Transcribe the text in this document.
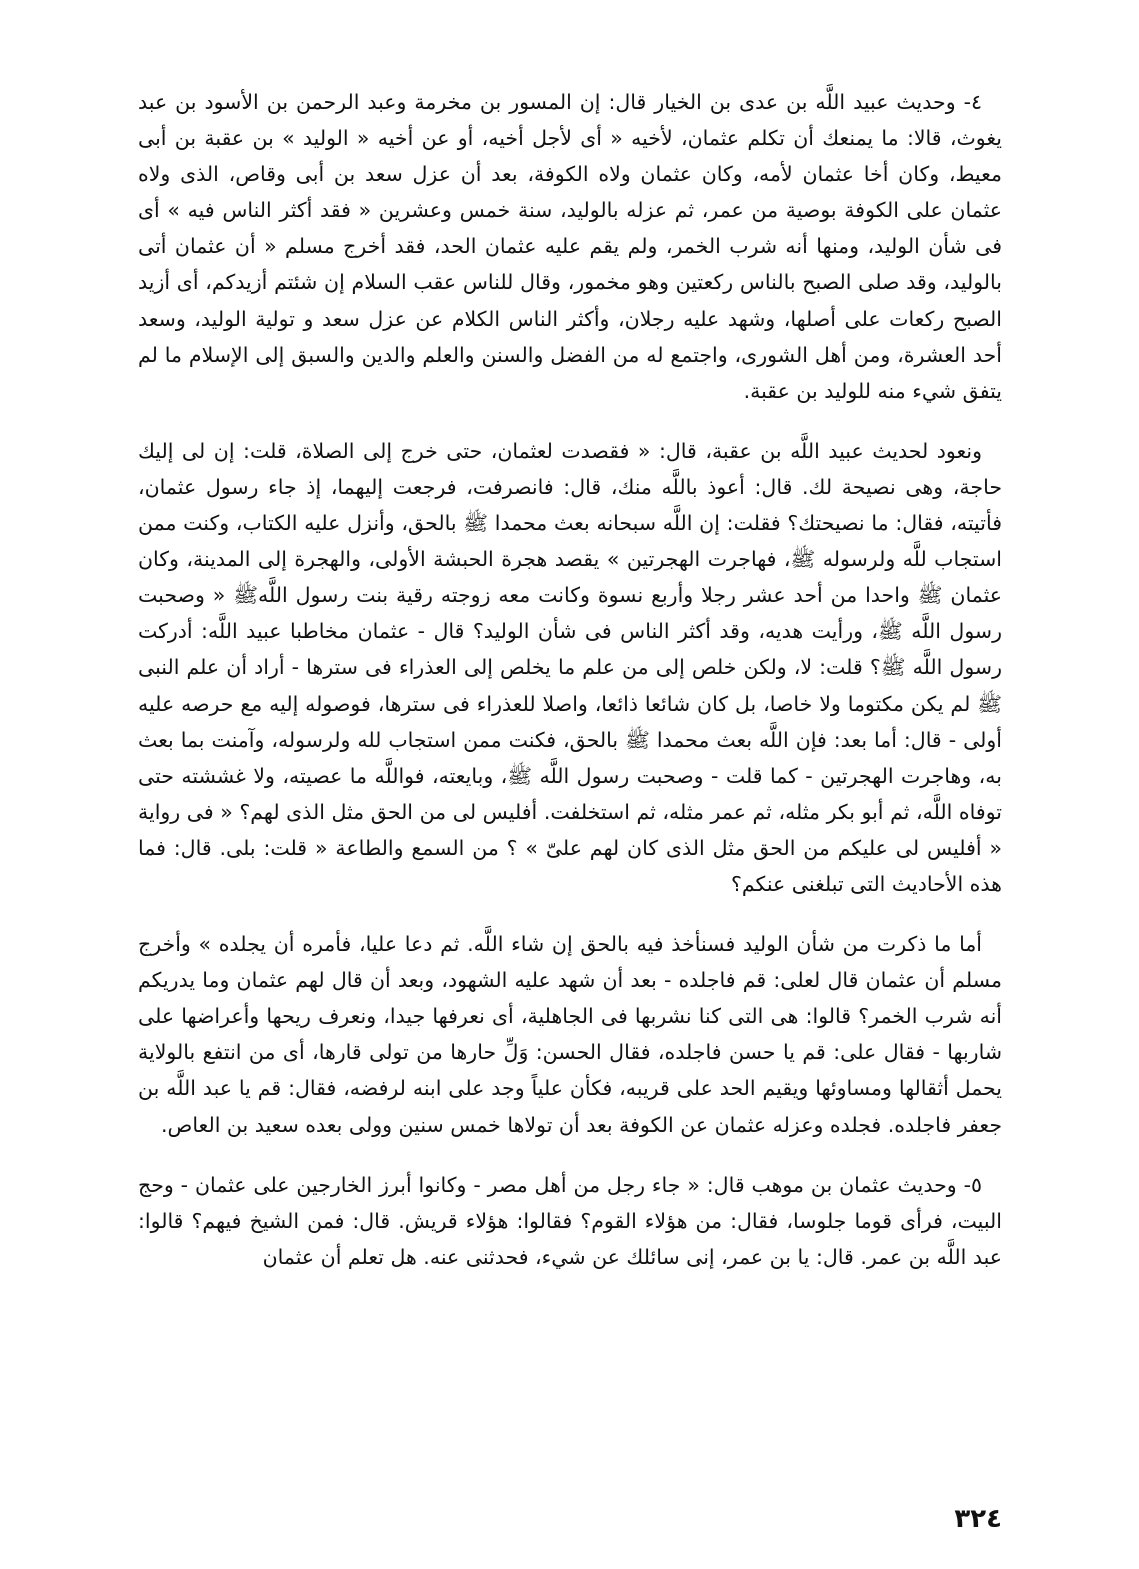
٤- وحديث عبيد اللَّه بن عدى بن الخيار قال: إن المسور بن مخرمة وعبد الرحمن بن الأسود بن عبد يغوث، قالا: ما يمنعك أن تكلم عثمان، لأخيه « أى لأجل أخيه، أو عن أخيه « الوليد » بن عقبة بن أبى معيط، وكان أخا عثمان لأمه، وكان عثمان ولاه الكوفة، بعد أن عزل سعد بن أبى وقاص، الذى ولاه عثمان على الكوفة بوصية من عمر، ثم عزله بالوليد، سنة خمس وعشرين « فقد أكثر الناس فيه » أى فى شأن الوليد، ومنها أنه شرب الخمر، ولم يقم عليه عثمان الحد، فقد أخرج مسلم « أن عثمان أتى بالوليد، وقد صلى الصبح بالناس ركعتين وهو مخمور، وقال للناس عقب السلام إن شئتم أزيدكم، أى أزيد الصبح ركعات على أصلها، وشهد عليه رجلان، وأكثر الناس الكلام عن عزل سعد و تولية الوليد، وسعد أحد العشرة، ومن أهل الشورى، واجتمع له من الفضل والسنن والعلم والدين والسبق إلى الإسلام ما لم يتفق شيء منه للوليد بن عقبة.

ونعود لحديث عبيد اللَّه بن عقبة، قال: « فقصدت لعثمان، حتى خرج إلى الصلاة، قلت: إن لى إليك حاجة، وهى نصيحة لك. قال: أعوذ باللَّه منك، قال: فانصرفت، فرجعت إليهما، إذ جاء رسول عثمان، فأتيته، فقال: ما نصيحتك؟ فقلت: إن اللَّه سبحانه بعث محمدا ﷺ بالحق، وأنزل عليه الكتاب، وكنت ممن استجاب للَّه ولرسوله ﷺ، فهاجرت الهجرتين » يقصد هجرة الحبشة الأولى، والهجرة إلى المدينة، وكان عثمان ﷺ واحدا من أحد عشر رجلا وأربع نسوة وكانت معه زوجته رقية بنت رسول اللَّهﷺ « وصحبت رسول اللَّه ﷺ، ورأيت هديه، وقد أكثر الناس فى شأن الوليد؟ قال - عثمان مخاطبا عبيد اللَّه: أدركت رسول اللَّه ﷺ؟ قلت: لا، ولكن خلص إلى من علم ما يخلص إلى العذراء فى سترها - أراد أن علم النبى ﷺ لم يكن مكتوما ولا خاصا، بل كان شائعا ذائعا، واصلا للعذراء فى سترها، فوصوله إليه مع حرصه عليه أولى - قال: أما بعد: فإن اللَّه بعث محمدا ﷺ بالحق، فكنت ممن استجاب لله ولرسوله، وآمنت بما بعث به، وهاجرت الهجرتين - كما قلت - وصحبت رسول اللَّه ﷺ، وبايعته، فواللَّه ما عصيته، ولا غششته حتى توفاه اللَّه، ثم أبو بكر مثله، ثم عمر مثله، ثم استخلفت. أفليس لى من الحق مثل الذى لهم؟ « فى رواية « أفليس لى عليكم من الحق مثل الذى كان لهم علىّ » ؟ من السمع والطاعة « قلت: بلى. قال: فما هذه الأحاديث التى تبلغنى عنكم؟

أما ما ذكرت من شأن الوليد فسنأخذ فيه بالحق إن شاء اللَّه. ثم دعا عليا، فأمره أن يجلده » وأخرج مسلم أن عثمان قال لعلى: قم فاجلده - بعد أن شهد عليه الشهود، وبعد أن قال لهم عثمان وما يدريكم أنه شرب الخمر؟ قالوا: هى التى كنا نشربها فى الجاهلية، أى نعرفها جيدا، ونعرف ريحها وأعراضها على شاربها - فقال على: قم يا حسن فاجلده، فقال الحسن: وَلِّ حارها من تولى قارها، أى من انتفع بالولاية يحمل أثقالها ومساوئها ويقيم الحد على قريبه، فكأن علياً وجد على ابنه لرفضه، فقال: قم يا عبد اللَّه بن جعفر فاجلده. فجلده وعزله عثمان عن الكوفة بعد أن تولاها خمس سنين وولى بعده سعيد بن العاص.

٥- وحديث عثمان بن موهب قال: « جاء رجل من أهل مصر - وكانوا أبرز الخارجين على عثمان - وحج البيت، فرأى قوما جلوسا، فقال: من هؤلاء القوم؟ فقالوا: هؤلاء قريش. قال: فمن الشيخ فيهم؟ قالوا: عبد اللَّه بن عمر. قال: يا بن عمر، إنى سائلك عن شيء، فحدثنى عنه. هل تعلم أن عثمان

٣٢٤
